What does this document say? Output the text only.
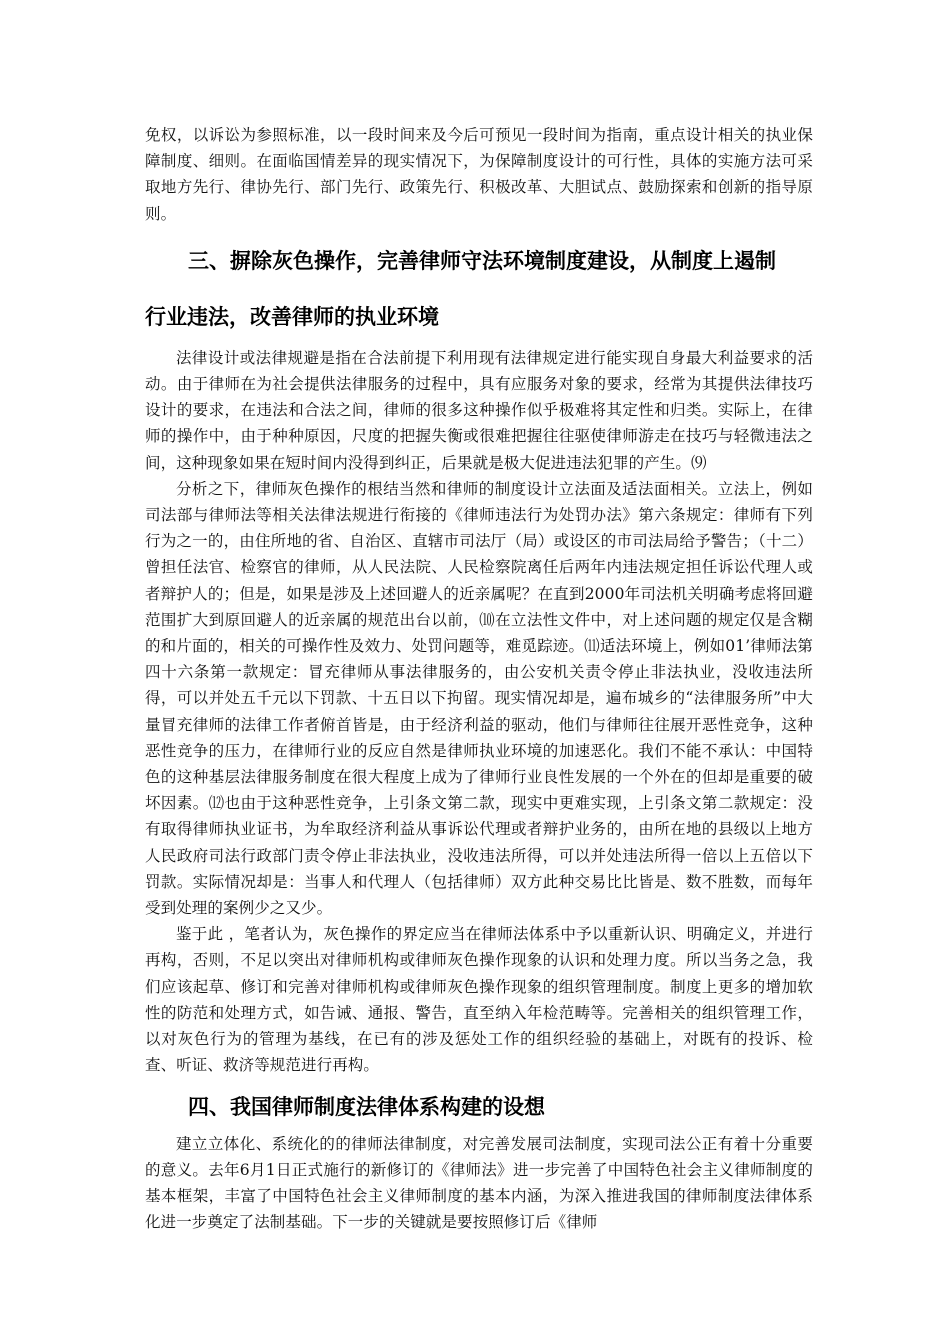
免权，以诉讼为参照标准，以一段时间来及今后可预见一段时间为指南，重点设计相关的执业保障制度、细则。在面临国情差异的现实情况下，为保障制度设计的可行性，具体的实施方法可采取地方先行、律协先行、部门先行、政策先行、积极改革、大胆试点、鼓励探索和创新的指导原则。

三、摒除灰色操作，完善律师守法环境制度建设，从制度上遏制
行业违法，改善律师的执业环境

法律设计或法律规避是指在合法前提下利用现有法律规定进行能实现自身最大利益要求的活动。由于律师在为社会提供法律服务的过程中，具有应服务对象的要求，经常为其提供法律技巧设计的要求，在违法和合法之间，律师的很多这种操作似乎极难将其定性和归类。实际上，在律师的操作中，由于种种原因，尺度的把握失衡或很难把握往往驱使律师游走在技巧与轻微违法之间，这种现象如果在短时间内没得到纠正，后果就是极大促进违法犯罪的产生。⑼

分析之下，律师灰色操作的根结当然和律师的制度设计立法面及适法面相关。立法上，例如司法部与律师法等相关法律法规进行衔接的《律师违法行为处罚办法》第六条规定：律师有下列行为之一的，由住所地的省、自治区、直辖市司法厅（局）或设区的市司法局给予警告；（十二）曾担任法官、检察官的律师，从人民法院、人民检察院离任后两年内违法规定担任诉讼代理人或者辩护人的；但是，如果是涉及上述回避人的近亲属呢？在直到2000年司法机关明确考虑将回避范围扩大到原回避人的近亲属的规范出台以前，⑽在立法性文件中，对上述问题的规定仅是含糊的和片面的，相关的可操作性及效力、处罚问题等，难觅踪迹。⑾适法环境上，例如01’律师法第四十六条第一款规定：冒充律师从事法律服务的，由公安机关责令停止非法执业，没收违法所得，可以并处五千元以下罚款、十五日以下拘留。现实情况却是，遍布城乡的“法律服务所”中大量冒充律师的法律工作者俯首皆是，由于经济利益的驱动，他们与律师往往展开恶性竞争，这种恶性竞争的压力，在律师行业的反应自然是律师执业环境的加速恶化。我们不能不承认：中国特色的这种基层法律服务制度在很大程度上成为了律师行业良性发展的一个外在的但却是重要的破坏因素。⑿也由于这种恶性竞争，上引条文第二款，现实中更难实现，上引条文第二款规定：没有取得律师执业证书，为牟取经济利益从事诉讼代理或者辩护业务的，由所在地的县级以上地方人民政府司法行政部门责令停止非法执业，没收违法所得，可以并处违法所得一倍以上五倍以下罚款。实际情况却是：当事人和代理人（包括律师）双方此种交易比比皆是、数不胜数，而每年受到处理的案例少之又少。

鉴于此 ，笔者认为，灰色操作的界定应当在律师法体系中予以重新认识、明确定义，并进行再构，否则，不足以突出对律师机构或律师灰色操作现象的认识和处理力度。所以当务之急，我们应该起草、修订和完善对律师机构或律师灰色操作现象的组织管理制度。制度上更多的增加软性的防范和处理方式，如告诫、通报、警告，直至纳入年检范畴等。完善相关的组织管理工作，以对灰色行为的管理为基线，在已有的涉及惩处工作的组织经验的基础上，对既有的投诉、检查、听证、救济等规范进行再构。

四、我国律师制度法律体系构建的设想

建立立体化、系统化的的律师法律制度，对完善发展司法制度，实现司法公正有着十分重要的意义。去年6月1日正式施行的新修订的《律师法》进一步完善了中国特色社会主义律师制度的基本框架，丰富了中国特色社会主义律师制度的基本内涵，为深入推进我国的律师制度法律体系化进一步奠定了法制基础。下一步的关键就是要按照修订后《律师
